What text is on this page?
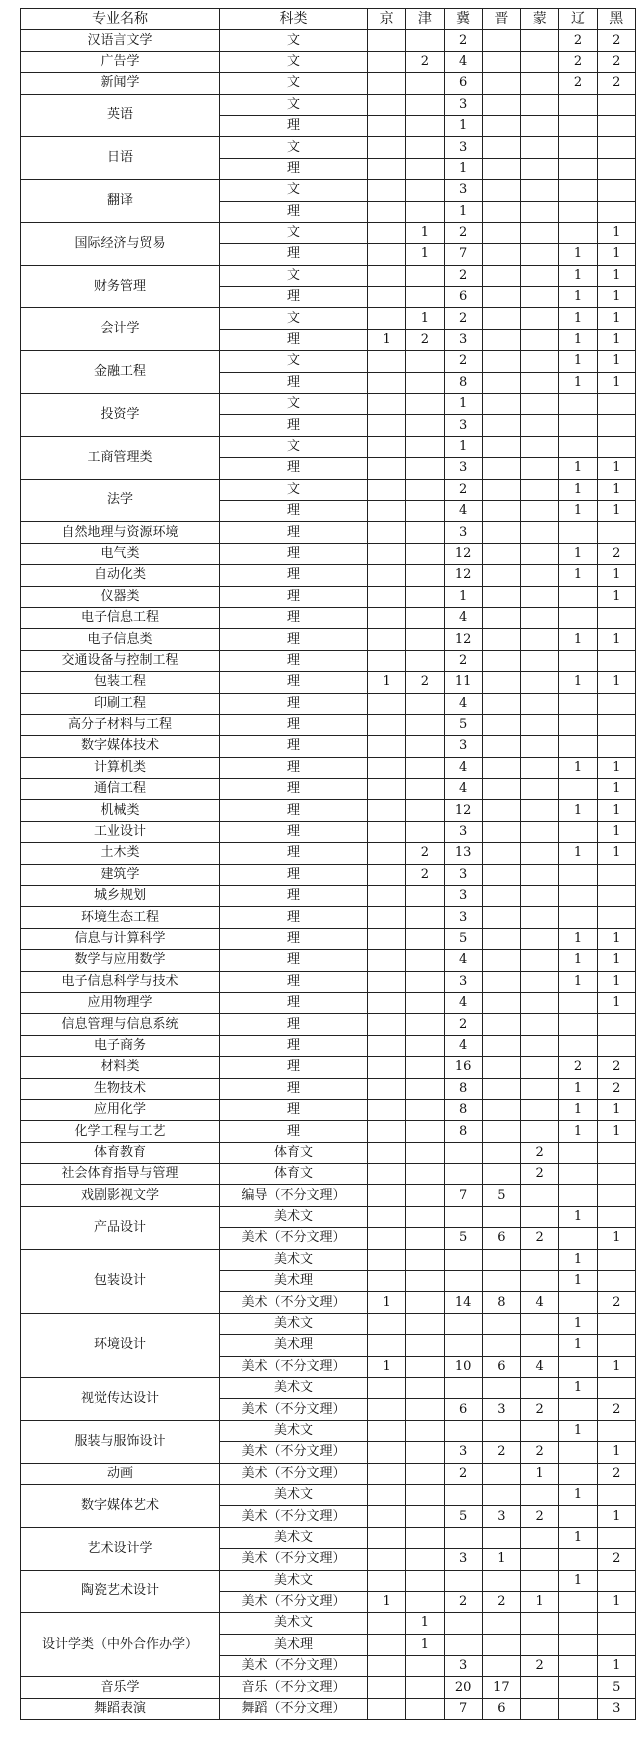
专业名称	科类	京	津	冀	晋	蒙	辽	黑
汉语言文学	文			2			2	2
广告学	文		2	4			2	2
新闻学	文			6			2	2
英语	文			3				
	理			1				
日语	文			3				
	理			1				
翻译	文			3				
	理			1				
国际经济与贸易	文		1	2				1
	理		1	7			1	1
财务管理	文			2			1	1
	理			6			1	1
会计学	文		1	2			1	1
	理	1	2	3			1	1
金融工程	文			2			1	1
	理			8			1	1
投资学	文			1				
	理			3				
工商管理类	文			1				
	理			3			1	1
法学	文			2			1	1
	理			4			1	1
自然地理与资源环境	理			3				
电气类	理			12			1	2
自动化类	理			12			1	1
仪器类	理			1				1
电子信息工程	理			4				
电子信息类	理			12			1	1
交通设备与控制工程	理			2				
包装工程	理	1	2	11			1	1
印刷工程	理			4				
高分子材料与工程	理			5				
数字媒体技术	理			3				
计算机类	理			4			1	1
通信工程	理			4				1
机械类	理			12			1	1
工业设计	理			3				1
土木类	理		2	13			1	1
建筑学	理		2	3				
城乡规划	理			3				
环境生态工程	理			3				
信息与计算科学	理			5			1	1
数学与应用数学	理			4			1	1
电子信息科学与技术	理			3			1	1
应用物理学	理			4				1
信息管理与信息系统	理			2				
电子商务	理			4				
材料类	理			16			2	2
生物技术	理			8			1	2
应用化学	理			8			1	1
化学工程与工艺	理			8			1	1
体育教育	体育文					2		
社会体育指导与管理	体育文					2		
戏剧影视文学	编导（不分文理）			7	5			
产品设计	美术文						1	
	美术（不分文理）			5	6	2		1
包装设计	美术文						1	
	美术理						1	
	美术（不分文理）	1		14	8	4		2
环境设计	美术文						1	
	美术理						1	
	美术（不分文理）	1		10	6	4		1
视觉传达设计	美术文						1	
	美术（不分文理）			6	3	2		2
服装与服饰设计	美术文						1	
	美术（不分文理）			3	2	2		1
动画	美术（不分文理）			2		1		2
数字媒体艺术	美术文						1	
	美术（不分文理）			5	3	2		1
艺术设计学	美术文						1	
	美术（不分文理）			3	1			2
陶瓷艺术设计	美术文						1	
	美术（不分文理）	1		2	2	1		1
设计学类（中外合作办学）	美术文		1					
	美术理		1					
	美术（不分文理）			3		2		1
音乐学	音乐（不分文理）			20	17			5
舞蹈表演	舞蹈（不分文理）			7	6			3
